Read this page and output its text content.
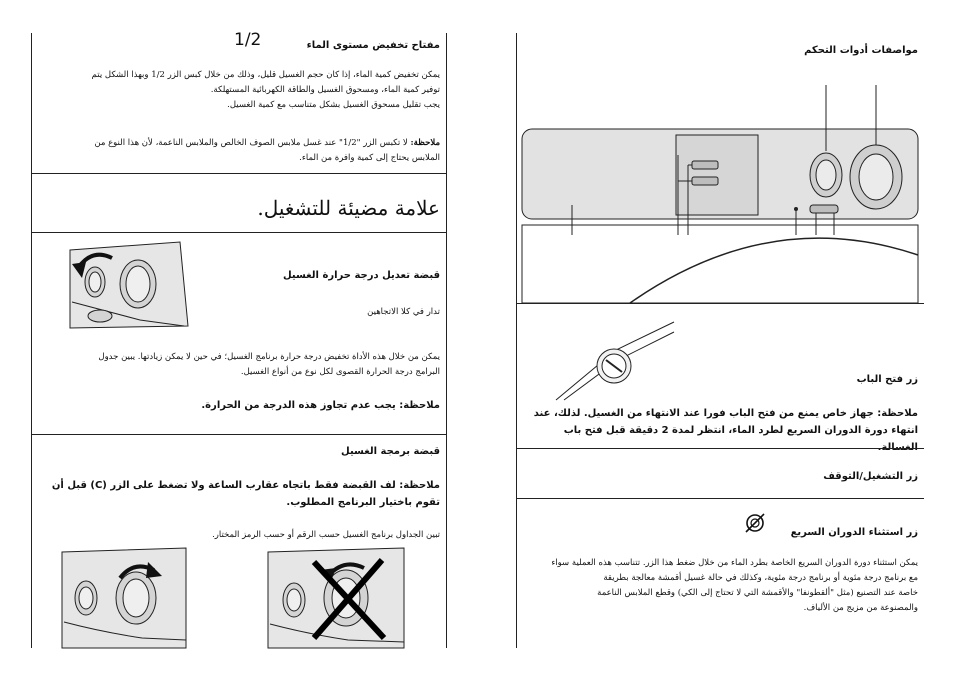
1/2	مفتاح تخفيض مستوى الماء
يمكن تخفيض كمية الماء، إذا كان حجم الغسيل قليل، وذلك من خلال كبس الزر 1/2 وبهذا الشكل يتم
توفير كمية الماء، ومسحوق الغسيل والطاقة الكهربائية المستهلكة.
يجب تقليل مسحوق الغسيل بشكل متناسب مع كمية الغسيل.
ملاحظة: لا تكبس الزر "1/2" عند غسل ملابس الصوف الخالص والملابس الناعمة، لأن هذا النوع من
الملابس يحتاج إلى كمية وافرة من الماء.
علامة مضيئة للتشغيل.
قبضة تعديل درجة حرارة الغسيل
تدار في كلا الاتجاهين
يمكن من خلال هذه الأداة تخفيض درجة حرارة برنامج الغسيل؛ في حين لا يمكن زيادتها. يبين جدول
البرامج درجة الحرارة القصوى لكل نوع من أنواع الغسيل.
ملاحظة: يجب عدم تجاوز هذه الدرجة من الحرارة.
قبضة برمجة الغسيل
ملاحظة: لف القبضة فقط باتجاه عقارب الساعة ولا تضغط على الزر (C) قبل أن
تقوم باختيار البرنامج المطلوب.
تبين الجداول برنامج الغسيل حسب الرقم أو حسب الرمز المختار.
مواصفات أدوات التحكم
زر فتح الباب
ملاحظة: جهاز خاص يمنع من فتح الباب فورا عند الانتهاء من الغسيل. لذلك، عند
انتهاء دورة الدوران السريع لطرد الماء، انتظر لمدة 2 دقيقة قبل فتح باب
زر التشغيل/التوقف
زر استثناء الدوران السريع
يمكن استثناء دورة الدوران السريع الخاصة بطرد الماء من خلال ضغط هذا الزر. تتناسب هذه العملية سواء
مع برنامج درجة مئوية أو برنامج درجة مئوية، وكذلك في حالة غسيل أقمشة معالجة بطريقة
خاصة عند التصنيع (مثل "ألقطونفا" والأقمشة التي لا تحتاج إلى الكي) وقطع الملابس الناعمة
والمصنوعة من مزيج من الألياف.
